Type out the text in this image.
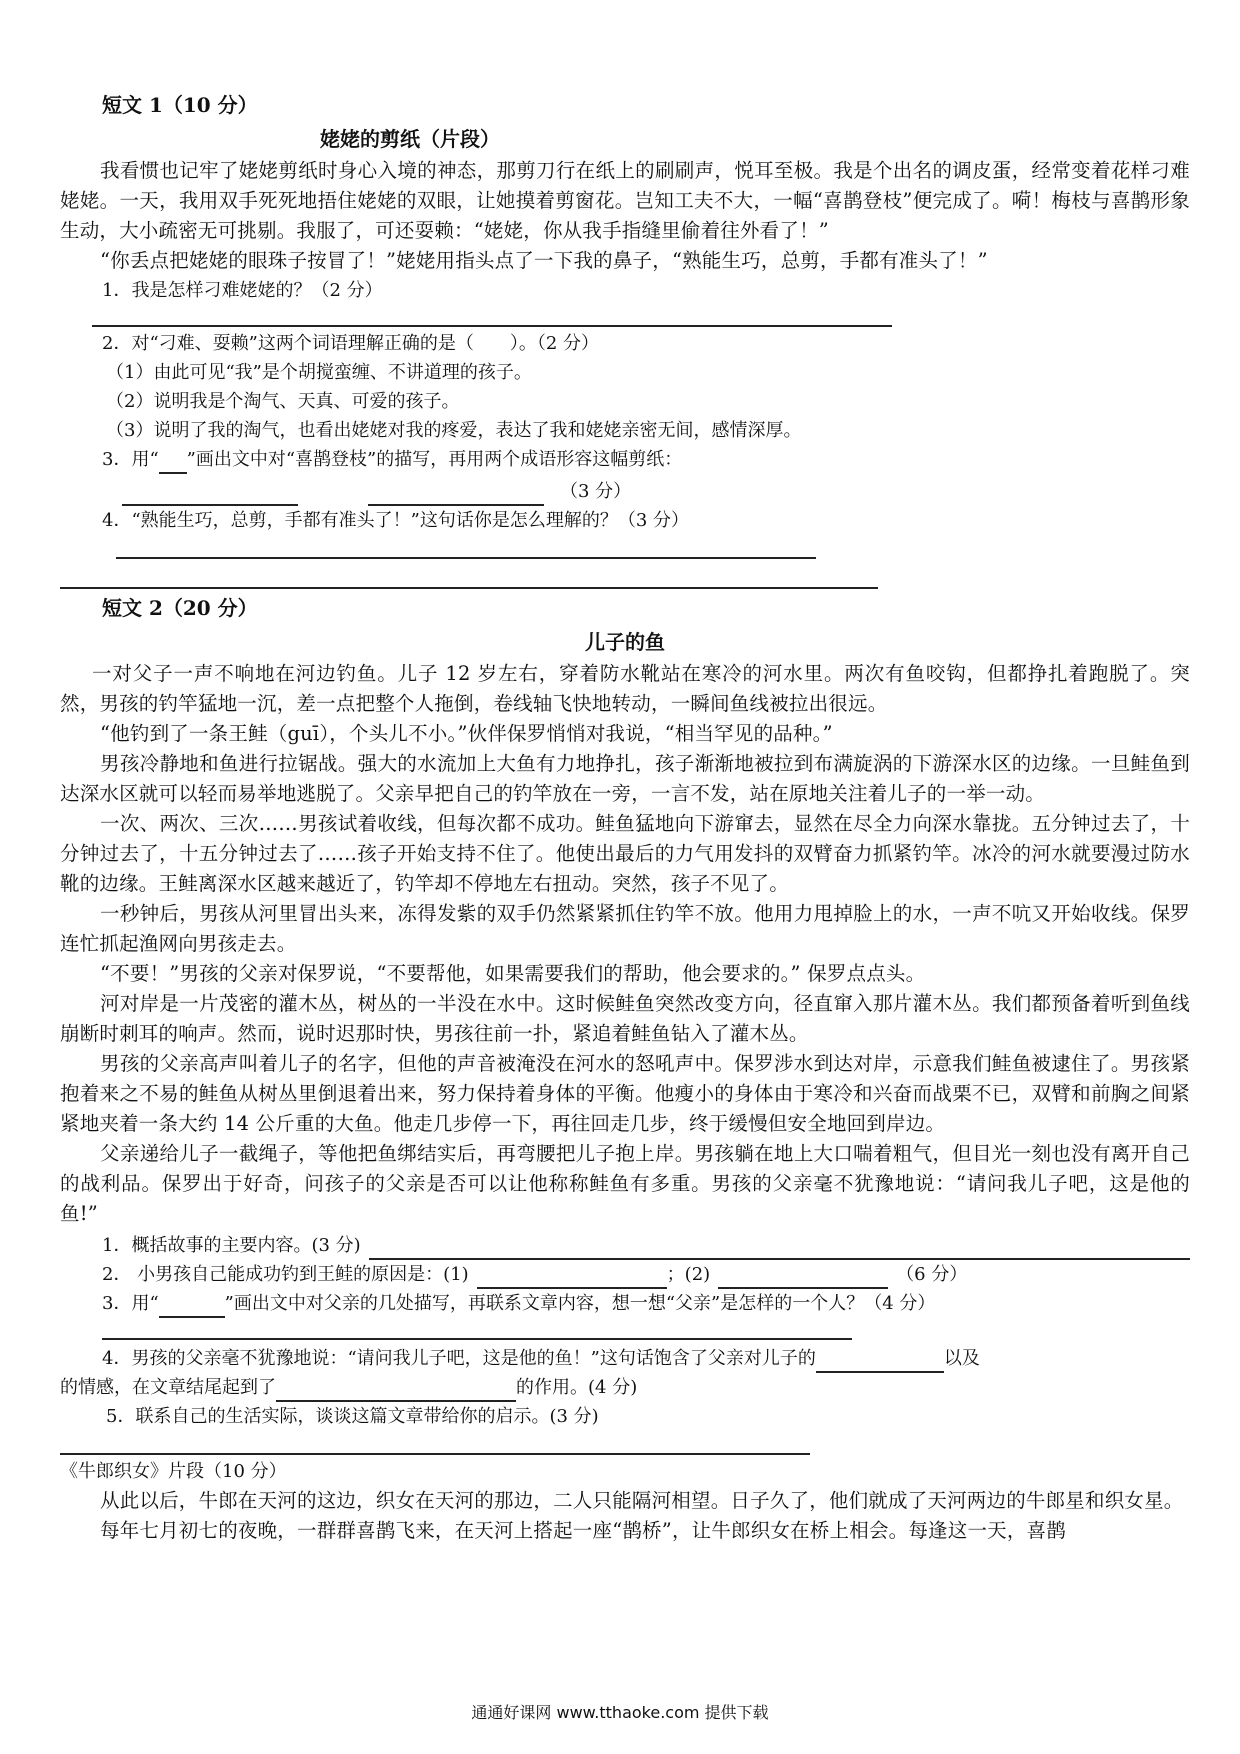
短文 1（10 分）
姥姥的剪纸（片段）

我看惯也记牢了姥姥剪纸时身心入境的神态，那剪刀行在纸上的刷刷声，悦耳至极。我是个出名的调皮蛋，经常变着花样刁难姥姥。一天，我用双手死死地捂住姥姥的双眼，让她摸着剪窗花。岂知工夫不大，一幅“喜鹊登枝”便完成了。嗬！梅枝与喜鹊形象生动，大小疏密无可挑剔。我服了，可还耍赖：“姥姥，你从我手指缝里偷着往外看了！”

“你丢点把姥姥的眼珠子按冒了！”姥姥用指头点了一下我的鼻子，“熟能生巧，总剪，手都有准头了！”

1．我是怎样刁难姥姥的？（2 分）
2．对“刁难、耍赖”这两个词语理解正确的是（　　）。（2 分）
（1）由此可见“我”是个胡搅蛮缠、不讲道理的孩子。
（2）说明我是个淘气、天真、可爱的孩子。
（3）说明了我的淘气，也看出姥姥对我的疼爱，表达了我和姥姥亲密无间，感情深厚。
3．用“ ”画出文中对“喜鹊登枝”的描写，再用两个成语形容这幅剪纸：
（3 分）
4．“熟能生巧，总剪，手都有准头了！”这句话你是怎么理解的？（3 分）
短文 2（20 分）
儿子的鱼

一对父子一声不响地在河边钓鱼。儿子 12 岁左右，穿着防水靴站在寒冷的河水里。两次有鱼咬钩，但都挣扎着跑脱了。突然，男孩的钓竿猛地一沉，差一点把整个人拖倒，卷线轴飞快地转动，一瞬间鱼线被拉出很远。

“他钓到了一条王鲑（guī），个头儿不小。”伙伴保罗悄悄对我说，“相当罕见的品种。”

男孩冷静地和鱼进行拉锯战。强大的水流加上大鱼有力地挣扎，孩子渐渐地被拉到布满旋涡的下游深水区的边缘。一旦鲑鱼到达深水区就可以轻而易举地逃脱了。父亲早把自己的钓竿放在一旁，一言不发，站在原地关注着儿子的一举一动。

一次、两次、三次……男孩试着收线，但每次都不成功。鲑鱼猛地向下游窜去，显然在尽全力向深水靠拢。五分钟过去了，十分钟过去了，十五分钟过去了……孩子开始支持不住了。他使出最后的力气用发抖的双臂奋力抓紧钓竿。冰冷的河水就要漫过防水靴的边缘。王鲑离深水区越来越近了，钓竿却不停地左右扭动。突然，孩子不见了。

一秒钟后，男孩从河里冒出头来，冻得发紫的双手仍然紧紧抓住钓竿不放。他用力甩掉脸上的水，一声不吭又开始收线。保罗连忙抓起渔网向男孩走去。

“不要！”男孩的父亲对保罗说，“不要帮他，如果需要我们的帮助，他会要求的。” 保罗点点头。

河对岸是一片茂密的灌木丛，树丛的一半没在水中。这时候鲑鱼突然改变方向，径直窜入那片灌木丛。我们都预备着听到鱼线崩断时刺耳的响声。然而，说时迟那时快，男孩往前一扑，紧追着鲑鱼钻入了灌木丛。

男孩的父亲高声叫着儿子的名字，但他的声音被淹没在河水的怒吼声中。保罗涉水到达对岸，示意我们鲑鱼被逮住了。男孩紧抱着来之不易的鲑鱼从树丛里倒退着出来，努力保持着身体的平衡。他瘦小的身体由于寒冷和兴奋而战栗不已，双臂和前胸之间紧紧地夹着一条大约 14 公斤重的大鱼。他走几步停一下，再往回走几步，终于缓慢但安全地回到岸边。

父亲递给儿子一截绳子，等他把鱼绑结实后，再弯腰把儿子抱上岸。男孩躺在地上大口喘着粗气，但目光一刻也没有离开自己的战利品。保罗出于好奇，问孩子的父亲是否可以让他称称鲑鱼有多重。男孩的父亲毫不犹豫地说：“请问我儿子吧，这是他的鱼!”

1．概括故事的主要内容。(3 分)
2． 小男孩自己能成功钓到王鲑的原因是：(1)	；(2)	（6 分）
3．用“	”画出文中对父亲的几处描写，再联系文章内容，想一想“父亲”是怎样的一个人？（4 分）
4．男孩的父亲毫不犹豫地说：“请问我儿子吧，这是他的鱼！”这句话饱含了父亲对儿子的	以及
的情感，在文章结尾起到了	的作用。(4 分)
5．联系自己的生活实际，谈谈这篇文章带给你的启示。(3 分)
《牛郎织女》片段（10 分）

从此以后，牛郎在天河的这边，织女在天河的那边，二人只能隔河相望。日子久了，他们就成了天河两边的牛郎星和织女星。

每年七月初七的夜晚，一群群喜鹊飞来，在天河上搭起一座“鹊桥”，让牛郎织女在桥上相会。每逢这一天，喜鹊

通通好课网 www.tthaoke.com 提供下载
